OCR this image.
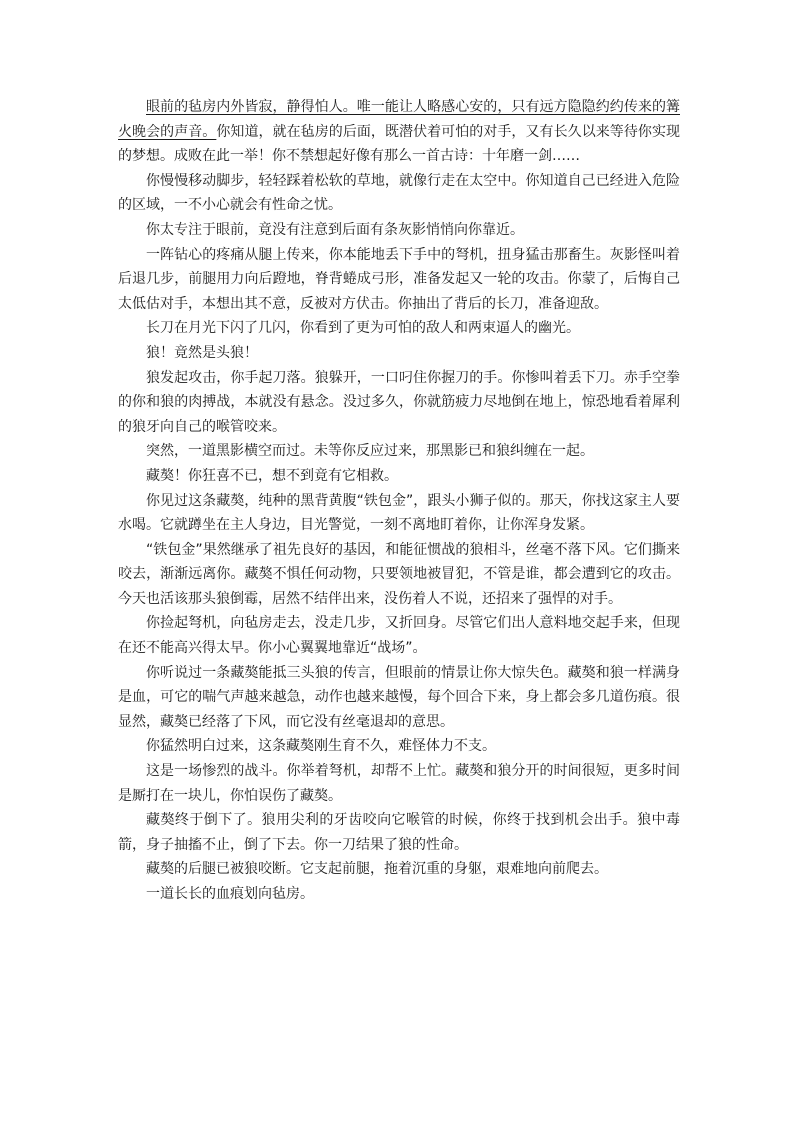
眼前的毡房内外皆寂，静得怕人。唯一能让人略感心安的，只有远方隐隐约约传来的篝火晚会的声音。你知道，就在毡房的后面，既潜伏着可怕的对手，又有长久以来等待你实现的梦想。成败在此一举！你不禁想起好像有那么一首古诗：十年磨一剑……

你慢慢移动脚步，轻轻踩着松软的草地，就像行走在太空中。你知道自己已经进入危险的区域，一不小心就会有性命之忧。

你太专注于眼前，竟没有注意到后面有条灰影悄悄向你靠近。

一阵钻心的疼痛从腿上传来，你本能地丢下手中的弩机，扭身猛击那畜生。灰影怪叫着后退几步，前腿用力向后蹬地，脊背蜷成弓形，准备发起又一轮的攻击。你蒙了，后悔自己太低估对手，本想出其不意，反被对方伏击。你抽出了背后的长刀，准备迎敌。

长刀在月光下闪了几闪，你看到了更为可怕的敌人和两束逼人的幽光。

狼！竟然是头狼！

狼发起攻击，你手起刀落。狼躲开，一口叼住你握刀的手。你惨叫着丢下刀。赤手空拳的你和狼的肉搏战，本就没有悬念。没过多久，你就筋疲力尽地倒在地上，惊恐地看着犀利的狼牙向自己的喉管咬来。

突然，一道黑影横空而过。未等你反应过来，那黑影已和狼纠缠在一起。

藏獒！你狂喜不已，想不到竟有它相救。

你见过这条藏獒，纯种的黑背黄腹“铁包金”，跟头小狮子似的。那天，你找这家主人要水喝。它就蹲坐在主人身边，目光警觉，一刻不离地盯着你，让你浑身发紧。

“铁包金”果然继承了祖先良好的基因，和能征惯战的狼相斗，丝毫不落下风。它们撕来咬去，渐渐远离你。藏獒不惧任何动物，只要领地被冒犯，不管是谁，都会遭到它的攻击。今天也活该那头狼倒霉，居然不结伴出来，没伤着人不说，还招来了强悍的对手。

你捡起弩机，向毡房走去，没走几步，又折回身。尽管它们出人意料地交起手来，但现在还不能高兴得太早。你小心翼翼地靠近“战场”。

你听说过一条藏獒能抵三头狼的传言，但眼前的情景让你大惊失色。藏獒和狼一样满身是血，可它的喘气声越来越急，动作也越来越慢，每个回合下来，身上都会多几道伤痕。很显然，藏獒已经落了下风，而它没有丝毫退却的意思。

你猛然明白过来，这条藏獒刚生育不久，难怪体力不支。

这是一场惨烈的战斗。你举着弩机，却帮不上忙。藏獒和狼分开的时间很短，更多时间是厮打在一块儿，你怕误伤了藏獒。

藏獒终于倒下了。狼用尖利的牙齿咬向它喉管的时候，你终于找到机会出手。狼中毒箭，身子抽搐不止，倒了下去。你一刀结果了狼的性命。

藏獒的后腿已被狼咬断。它支起前腿，拖着沉重的身躯，艰难地向前爬去。

一道长长的血痕划向毡房。
